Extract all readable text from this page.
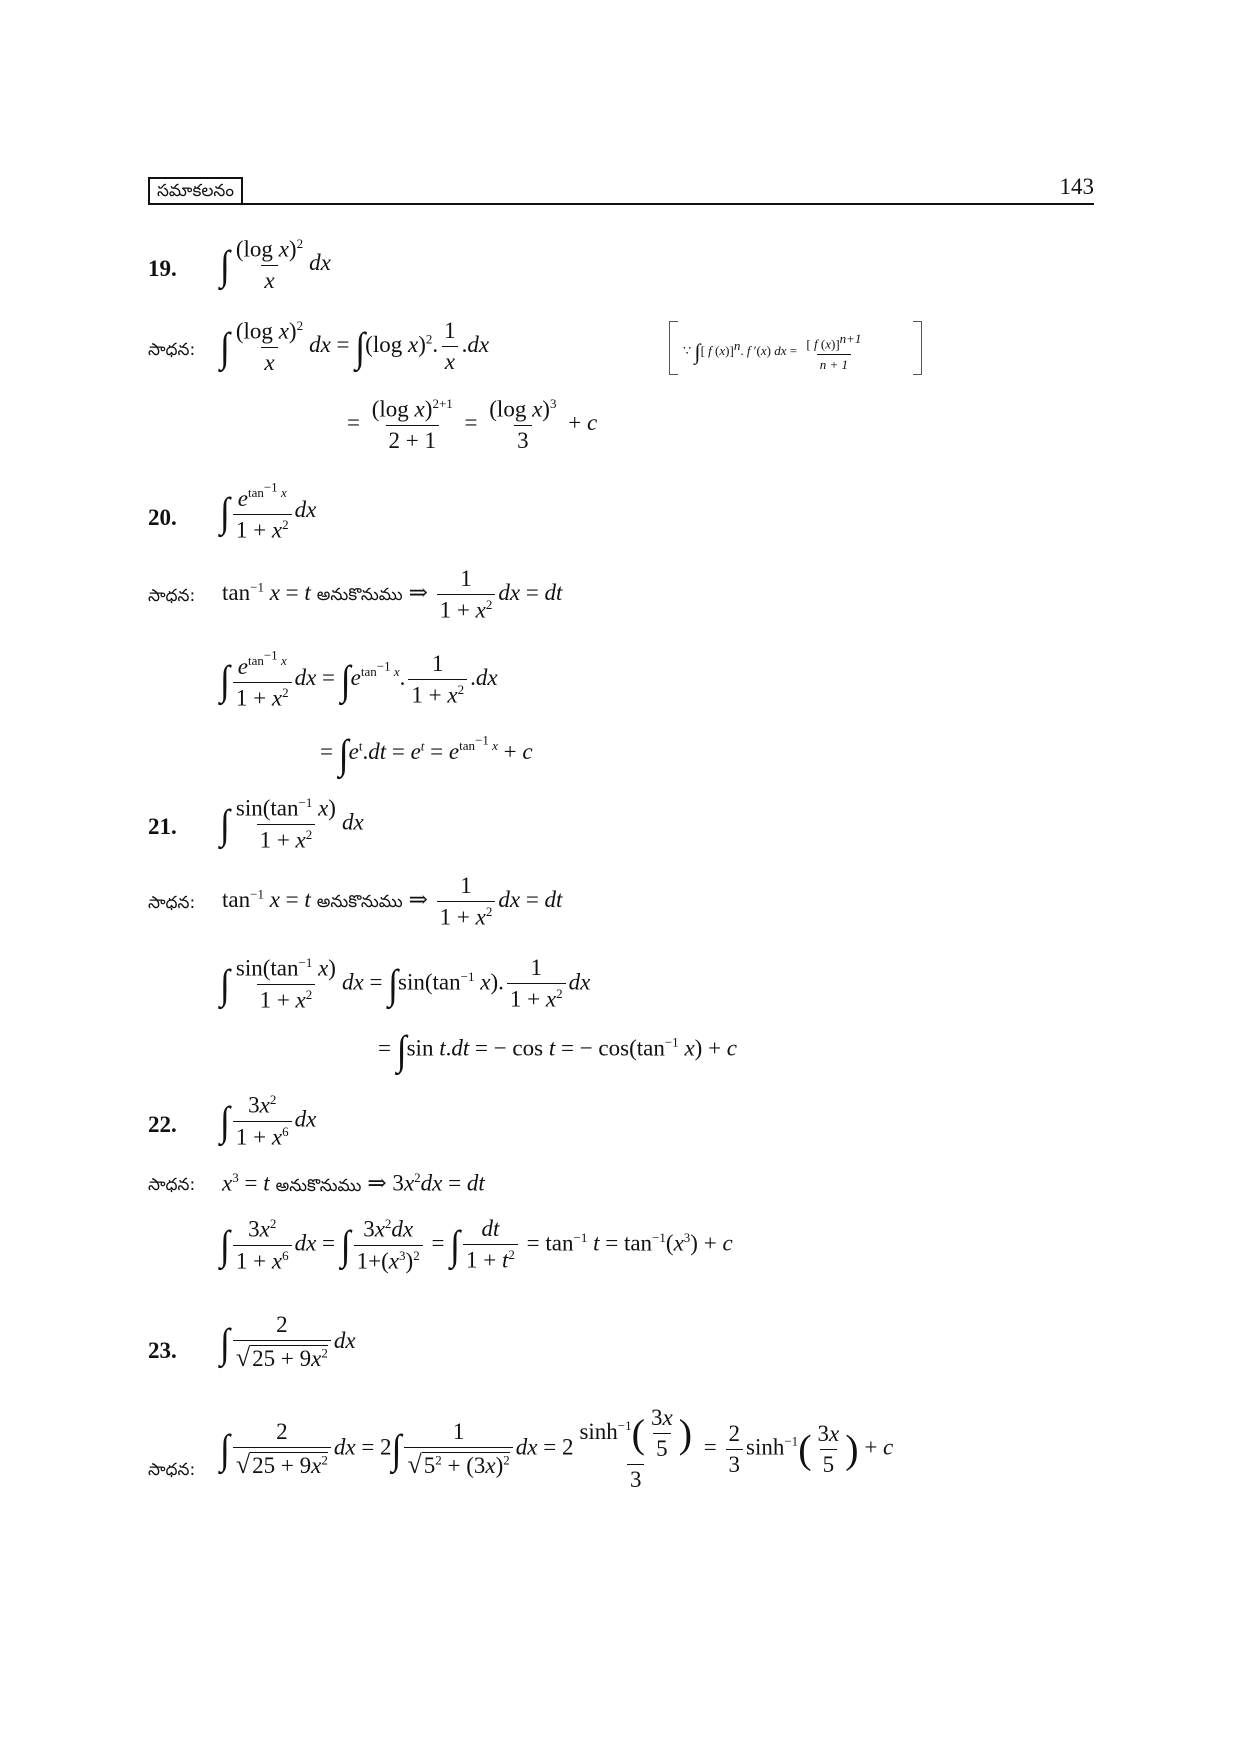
సమాకలనం	143
19. ∫ $\frac{(\log x)^2}{x}$ dx
సాధన: ∫ $\frac{(\log x)^2}{x}$ dx = ∫(log x)$^2$. $\frac{1}{x} .dx$	∵ ∫[ f (x)]$^n$. f ′(x) dx = $\frac{[ f (x)]^{n+1}}{n + 1}$
= $\frac{(\log x)^{2+1}}{2 + 1} = \frac{(\log x)^3}{3} + c$
20. ∫ $\frac{e^{tan^{-1} x}}{1 + x^2}$ dx
సాధన: $\tan^{-1} x = t$ అనుకొనుము ⇒ $\frac{1}{1 + x^2}$ dx = dt
∫ $\frac{e^{tan^{-1} x}}{1 + x^2}$ dx = $\int e^{tan^{-1} x}$. $\frac{1}{1 + x^2} .dx$
= $\int e^t.dt = e^t = e^{tan^{-1} x} + c$
21. ∫ $\frac{\sin(\tan^{-1} x)}{1 + x^2}$ dx
సాధన: $\tan^{-1} x = t$ అనుకొనుము ⇒ $\frac{1}{1 + x^2}$ dx = dt
∫ $\frac{\sin(\tan^{-1} x)}{1 + x^2}$ dx = $\int\sin(\tan^{-1}$ x). $\frac{1}{1 + x^2}$ dx
= ∫sin t.dt = − cos t = − $\cos(\tan^{-1}$ x) + c
22. ∫ $\frac{3x^2}{1 + x^6}$ dx
సాధన: $x^3 = t$ అనుకొనుము ⇒ $3x^2dx$ = dt
∫ $\frac{3x^2}{1 + x^6}$ dx = ∫ $\frac{3x^2dx}{1+(x^3)^2}$ = ∫ $\frac{dt}{1 + t^2} = \tan^{-1} t = \tan^{-1}(x^3) + c$
23. ∫ $\frac{2}{√25 + 9x^2}$ dx
సాధన: ∫ $\frac{2}{√25 + 9x^2}$ dx = $2\int \frac{1}{√5^2 + (3x)^2}$ dx = $2 \frac{\sinh^{-1}( \frac{3x}{5} )}{3} = \frac{2}{3} \sinh^{-1}( \frac{3x}{5}$ ) + c
